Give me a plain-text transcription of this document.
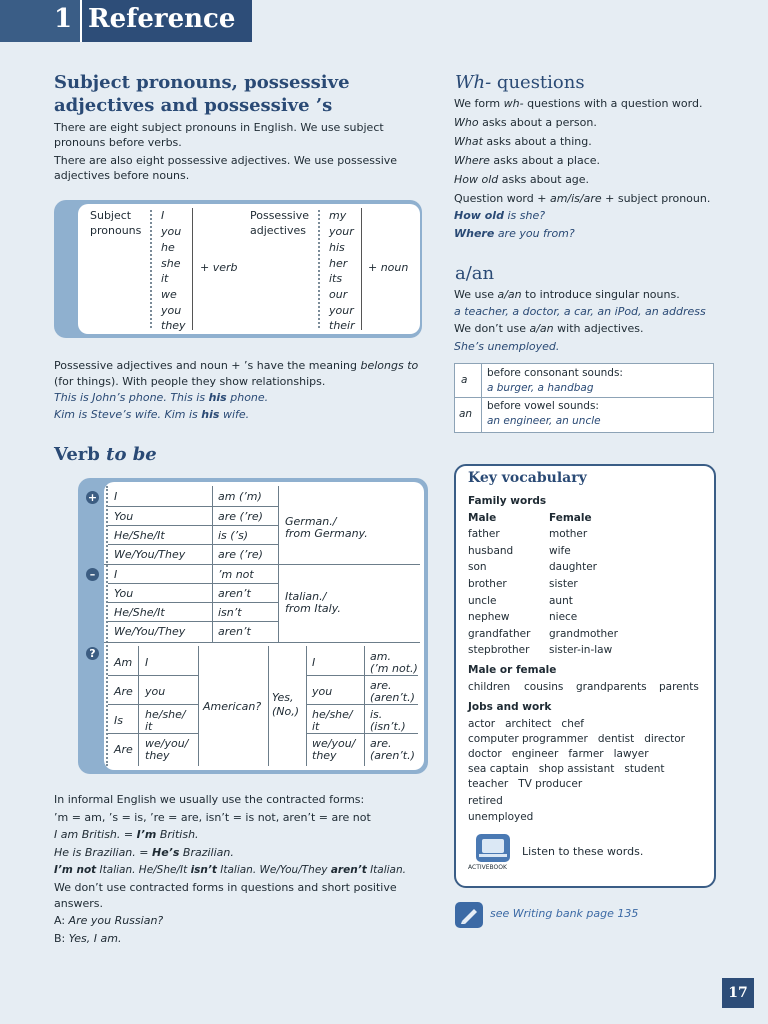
1 Reference
Subject pronouns, possessive
adjectives and possessive ’s
There are eight subject pronouns in English. We use subject
pronouns before verbs.
There are also eight possessive adjectives. We use possessive
adjectives before nouns.
Subject
pronouns
I
you
he
she
it
we
you
they
+ verb
Possessive
adjectives
my
your
his
her
its
our
your
their
+ noun
Possessive adjectives and noun + ’s have the meaning belongs to
(for things). With people they show relationships.
This is John’s phone. This is his phone.
Kim is Steve’s wife. Kim is his wife.
Verb to be
+
–
?
I
You
He/She/It
We/You/They
am (’m)
are (’re)
is (’s)
are (’re)
German./
from Germany.
I
You
He/She/It
We/You/They
’m not
aren’t
isn’t
aren’t
Italian./
from Italy.
Am
Are
Is
Are
I
you
he/she/
it
we/you/
they
American?
Yes,
(No,)
I
you
he/she/
it
we/you/
they
am.
(’m not.)
are.
(aren’t.)
is.
(isn’t.)
are.
(aren’t.)
In informal English we usually use the contracted forms:
’m = am, ’s = is, ’re = are, isn’t = is not, aren’t = are not
I am British. = I’m British.
He is Brazilian. = He’s Brazilian.
I’m not Italian. He/She/It isn’t Italian. We/You/They aren’t Italian.
We don’t use contracted forms in questions and short positive
answers.
A: Are you Russian?
B: Yes, I am.
Wh- questions
We form wh- questions with a question word.
Who asks about a person.
What asks about a thing.
Where asks about a place.
How old asks about age.
Question word + am/is/are + subject pronoun.
How old is she?
Where are you from?
a/an
We use a/an to introduce singular nouns.
a teacher, a doctor, a car, an iPod, an address
We don’t use a/an with adjectives.
She’s unemployed.
a
before consonant sounds:
a burger, a handbag
an
before vowel sounds:
an engineer, an uncle
Key vocabulary
Family words
Male	Female
father
husband
son
brother
uncle
nephew
grandfather
stepbrother
mother
wife
daughter
sister
aunt
niece
grandmother
sister-in-law
Male or female
children cousins grandparents parents
Jobs and work
actor   architect   chef
computer programmer   dentist   director
doctor   engineer   farmer   lawyer
sea captain   shop assistant   student
teacher   TV producer
retired
unemployed
ACTIVEBOOK
Listen to these words.
see Writing bank page 135
17
